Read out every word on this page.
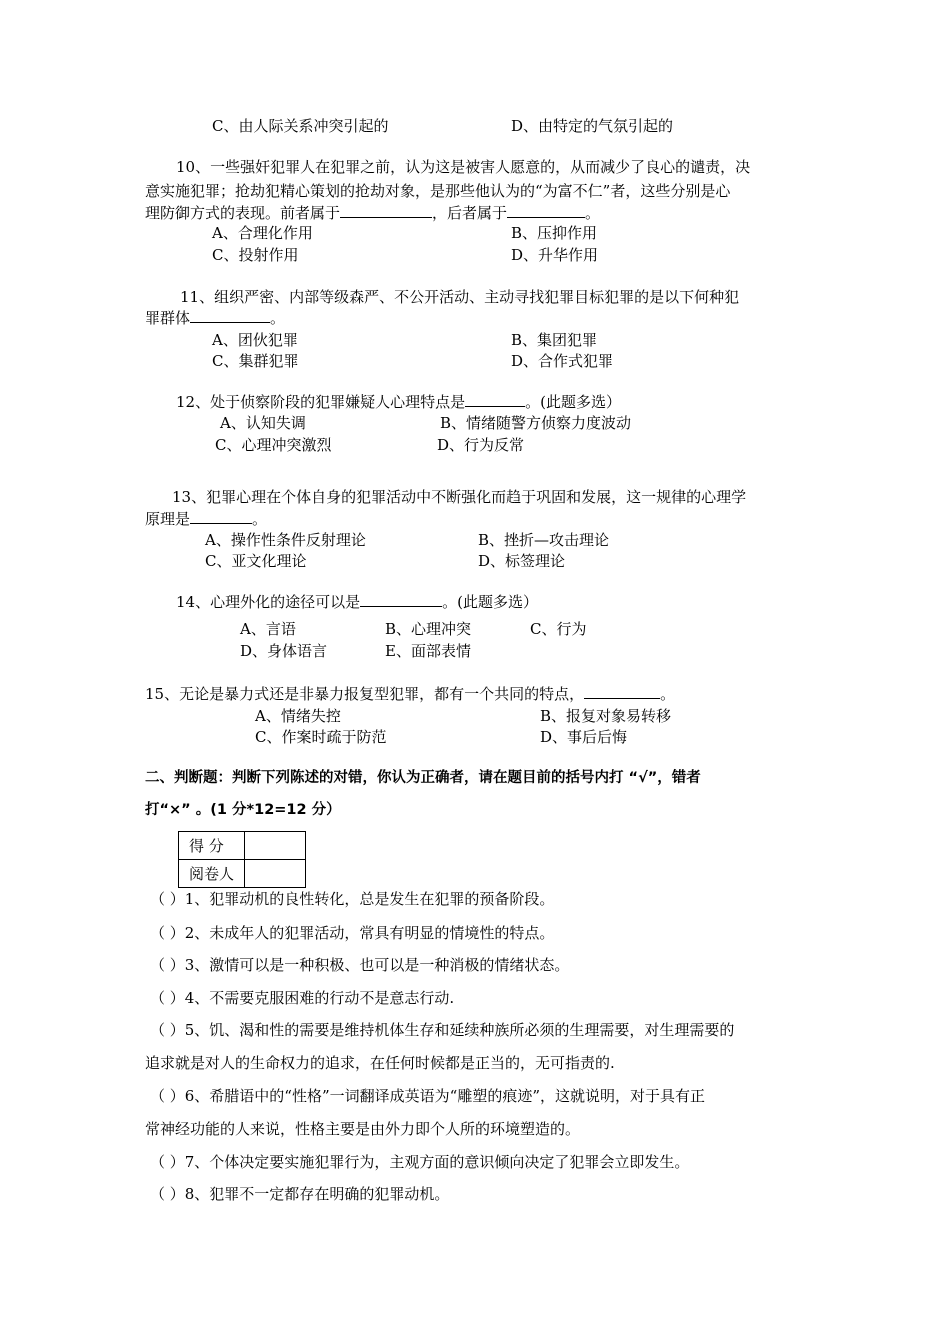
C、由人际关系冲突引起的	D、由特定的气氛引起的
10、一些强奸犯罪人在犯罪之前，认为这是被害人愿意的，从而减少了良心的谴责，决
意实施犯罪；抢劫犯精心策划的抢劫对象，是那些他认为的“为富不仁”者，这些分别是心
理防御方式的表现。前者属于	，后者属于	。
A、合理化作用	B、压抑作用
C、投射作用	D、升华作用
11、组织严密、内部等级森严、不公开活动、主动寻找犯罪目标犯罪的是以下何种犯
罪群体	。
A、团伙犯罪	B、集团犯罪
C、集群犯罪	D、合作式犯罪
12、处于侦察阶段的犯罪嫌疑人心理特点是	。(此题多选）
A、认知失调	B、情绪随警方侦察力度波动
C、心理冲突激烈	D、行为反常
13、犯罪心理在个体自身的犯罪活动中不断强化而趋于巩固和发展，这一规律的心理学
原理是	。
A、操作性条件反射理论	B、挫折—攻击理论
C、亚文化理论	D、标签理论
14、心理外化的途径可以是	。(此题多选）
A、言语	B、心理冲突	C、行为
D、身体语言	E、面部表情
15、无论是暴力式还是非暴力报复型犯罪，都有一个共同的特点，	。
A、情绪失控	B、报复对象易转移
C、作案时疏于防范	D、事后后悔
二、判断题：判断下列陈述的对错，你认为正确者，请在题目前的括号内打 “√”，错者
打“×” 。(1 分*12=12 分）
得 分	
阅卷人	
（ ）1、犯罪动机的良性转化，总是发生在犯罪的预备阶段。
（ ）2、未成年人的犯罪活动，常具有明显的情境性的特点。
（ ）3、激情可以是一种积极、也可以是一种消极的情绪状态。
（ ）4、不需要克服困难的行动不是意志行动.
（ ）5、饥、渴和性的需要是维持机体生存和延续种族所必须的生理需要，对生理需要的
追求就是对人的生命权力的追求，在任何时候都是正当的，无可指责的.
（ ）6、希腊语中的“性格”一词翻译成英语为“雕塑的痕迹”，这就说明，对于具有正
常神经功能的人来说，性格主要是由外力即个人所的环境塑造的。
（ ）7、个体决定要实施犯罪行为，主观方面的意识倾向决定了犯罪会立即发生。
（ ）8、犯罪不一定都存在明确的犯罪动机。
